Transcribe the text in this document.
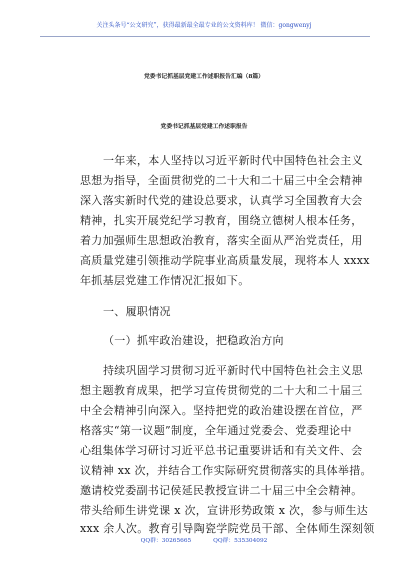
关注头条号“公文研究”，获得最新最全最专业的公文资料库！ 微信：gongwenyj
党委书记抓基层党建工作述职报告汇编（8篇）
党委书记抓基层党建工作述职报告
一年来，本人坚持以习近平新时代中国特色社会主义
思想为指导，全面贯彻党的二十大和二十届三中全会精神
深入落实新时代党的建设总要求，认真学习全国教育大会
精神，扎实开展党纪学习教育，围绕立德树人根本任务，
着力加强师生思想政治教育，落实全面从严治党责任，用
高质量党建引领推动学院事业高质量发展，现将本人 xxxx
年抓基层党建工作情况汇报如下。
一、履职情况
（一）抓牢政治建设，把稳政治方向
持续巩固学习贯彻习近平新时代中国特色社会主义思
想主题教育成果，把学习宣传贯彻党的二十大和二十届三
中全会精神引向深入。坚持把党的政治建设摆在首位，严
格落实“第一议题”制度，全年通过党委会、党委理论中
心组集体学习研讨习近平总书记重要讲话和有关文件、会
议精神 xx 次，并结合工作实际研究贯彻落实的具体举措。
邀请校党委副书记侯延民教授宣讲二十届三中全会精神。
带头给师生讲党课 x 次，宣讲形势政策 x 次，参与师生达
xxx 余人次。教育引导陶瓷学院党员干部、全体师生深刻领
QQ群：30265665	QQ群：535304092
